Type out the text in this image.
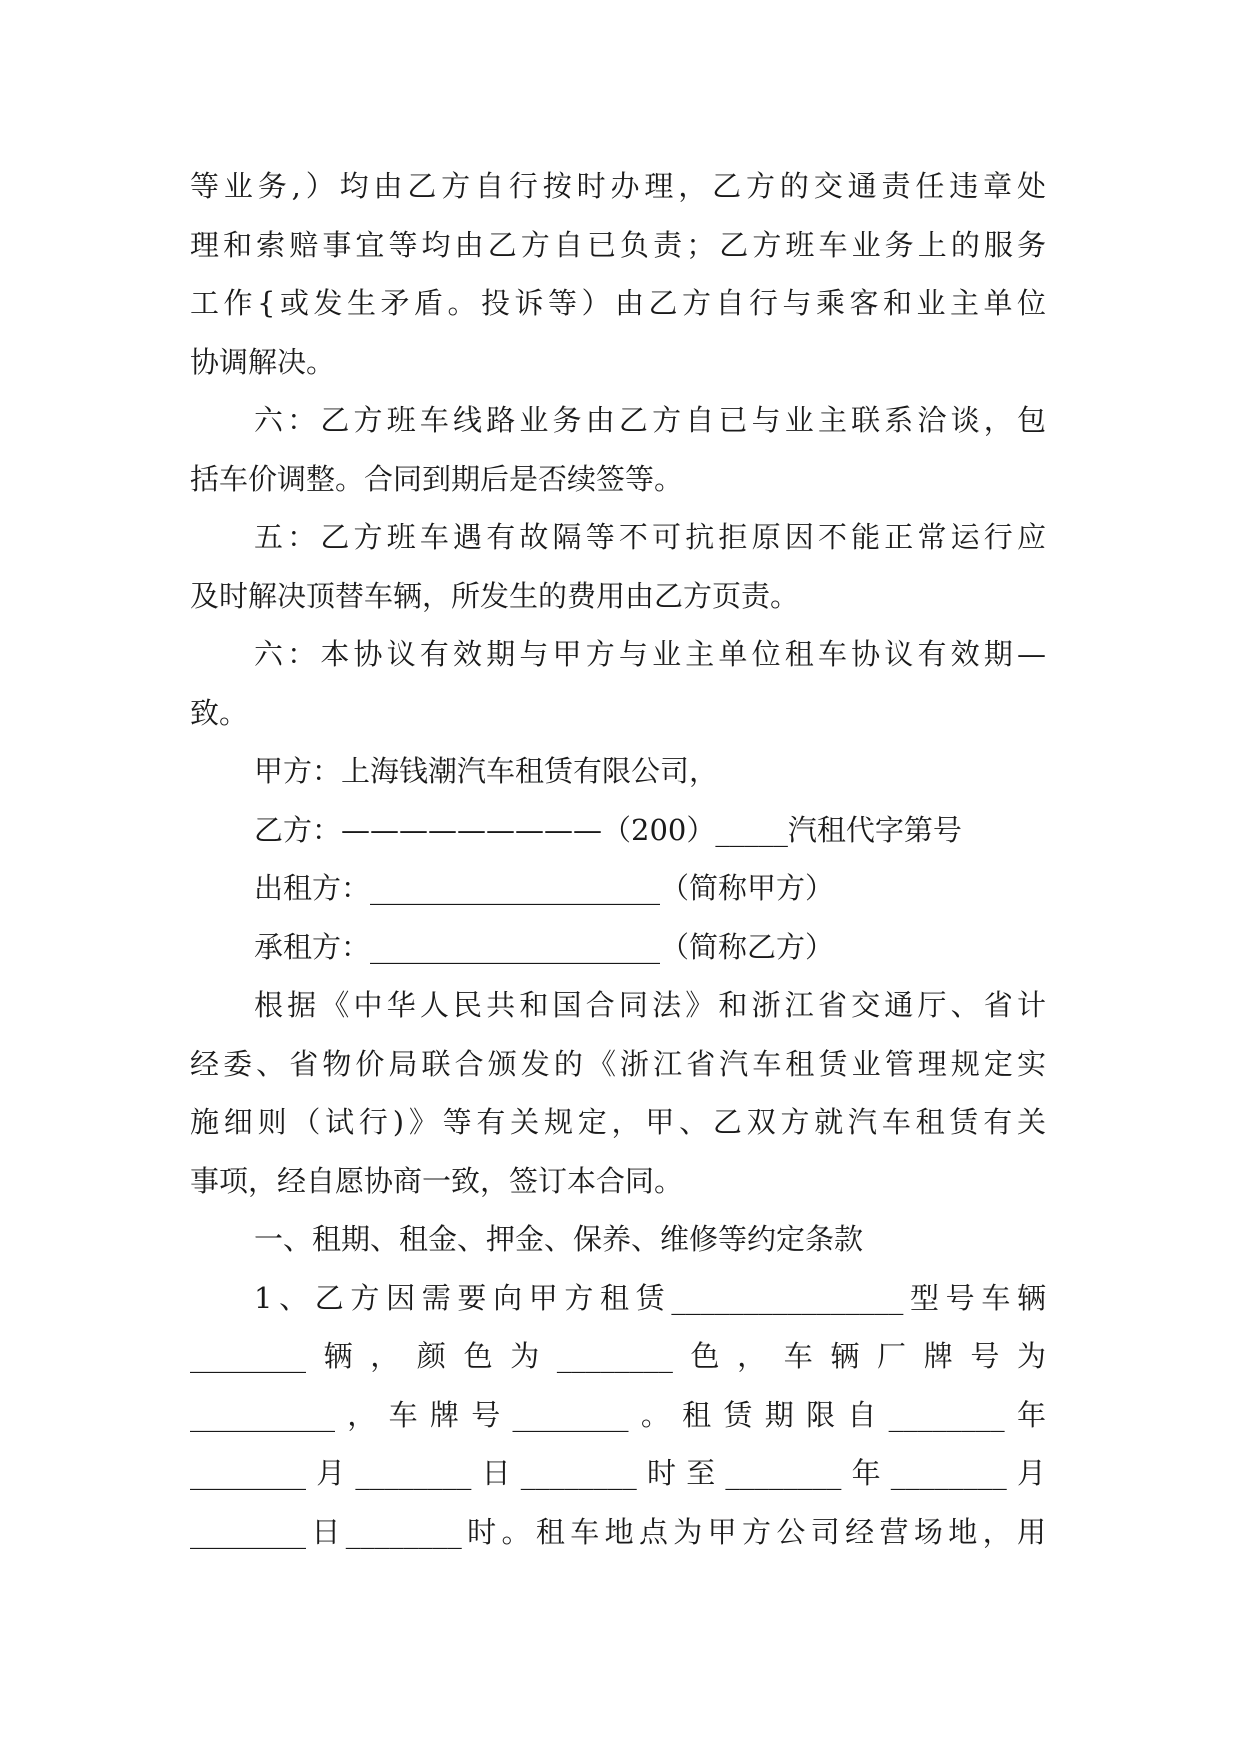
等业务,）均由乙方自行按时办理，乙方的交通责任违章处
理和索赔事宜等均由乙方自已负责；乙方班车业务上的服务
工作{或发生矛盾。投诉等）由乙方自行与乘客和业主单位
协调解决。
六：乙方班车线路业务由乙方自已与业主联系洽谈，包
括车价调整。合同到期后是否续签等。
五：乙方班车遇有故隔等不可抗拒原因不能正常运行应
及时解决顶替车辆，所发生的费用由乙方页责。
六：本协议有效期与甲方与业主单位租车协议有效期—
致。
甲方：上海钱潮汽车租赁有限公司，
乙方：—————————（200）_____汽租代字第号
出租方：____________________（简称甲方）
承租方：____________________（简称乙方）
根据《中华人民共和国合同法》和浙江省交通厅、省计
经委、省物价局联合颁发的《浙江省汽车租赁业管理规定实
施细则（试行)》等有关规定，甲、乙双方就汽车租赁有关
事项，经自愿协商一致，签订本合同。
一、租期、租金、押金、保养、维修等约定条款
1、乙方因需要向甲方租赁________________型号车辆
________辆，颜色为________色，车辆厂牌号为
__________，车牌号________。租赁期限自________年
________月________日________时至________年________月
________日________时。租车地点为甲方公司经营场地，用
